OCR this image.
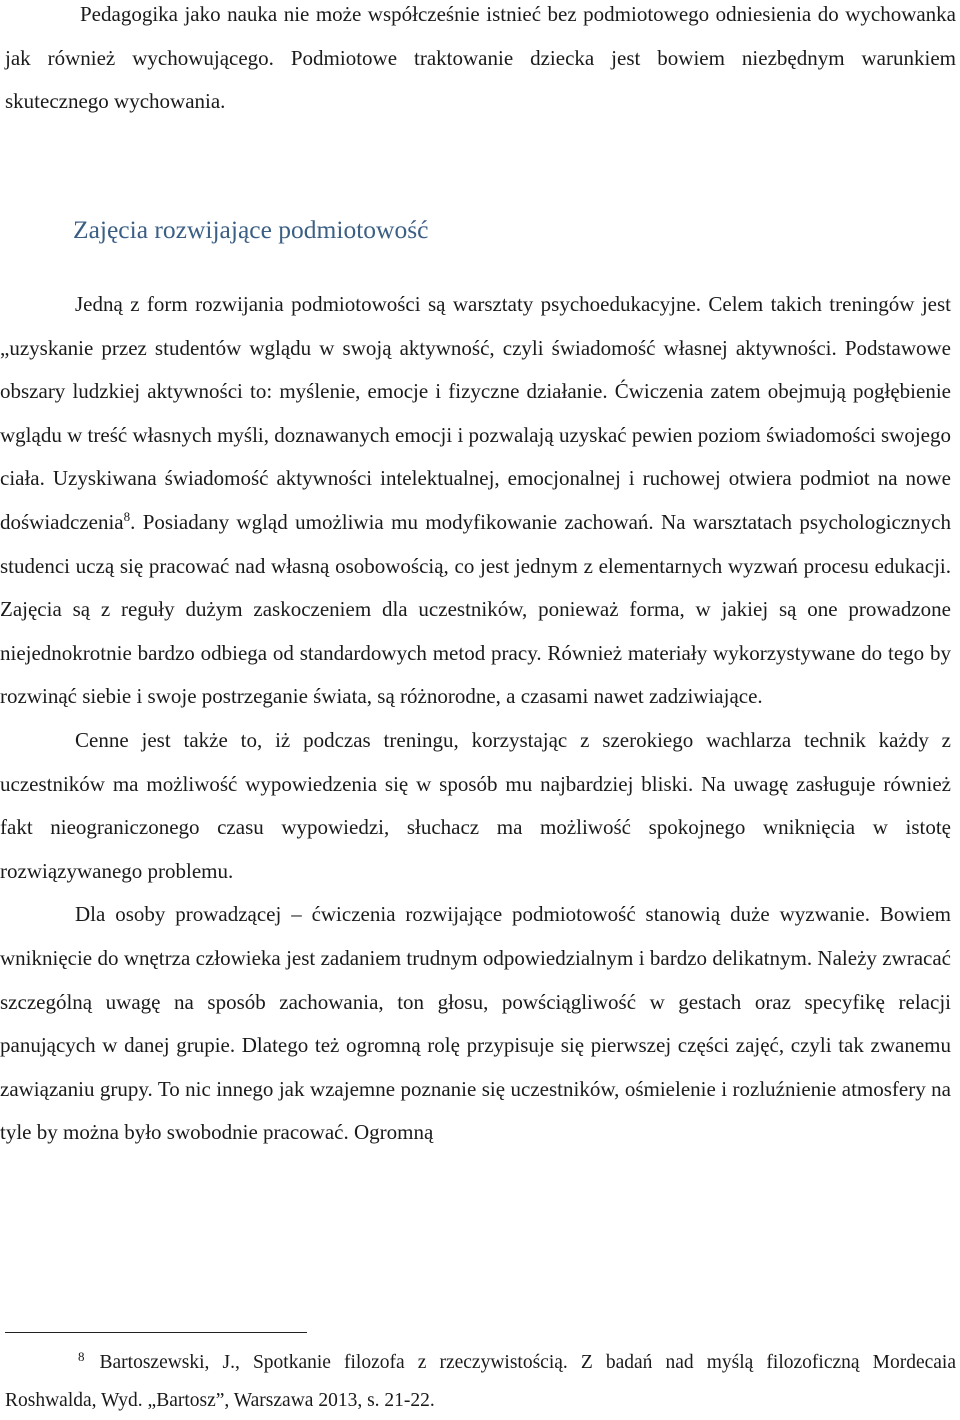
Pedagogika jako nauka nie może współcześnie istnieć bez podmiotowego odniesienia do wychowanka jak również wychowującego. Podmiotowe traktowanie dziecka jest bowiem niezbędnym warunkiem skutecznego wychowania.

Zajęcia rozwijające podmiotowość

Jedną z form rozwijania podmiotowości są warsztaty psychoedukacyjne. Celem takich treningów jest „uzyskanie przez studentów wglądu w swoją aktywność, czyli świadomość własnej aktywności. Podstawowe obszary ludzkiej aktywności to: myślenie, emocje i fizyczne działanie. Ćwiczenia zatem obejmują pogłębienie wglądu w treść własnych myśli, doznawanych emocji i pozwalają uzyskać pewien poziom świadomości swojego ciała. Uzyskiwana świadomość aktywności intelektualnej, emocjonalnej i ruchowej otwiera podmiot na nowe doświadczenia$^8$. Posiadany wgląd umożliwia mu modyfikowanie zachowań. Na warsztatach psychologicznych studenci uczą się pracować nad własną osobowością, co jest jednym z elementarnych wyzwań procesu edukacji. Zajęcia są z reguły dużym zaskoczeniem dla uczestników, ponieważ forma, w jakiej są one prowadzone niejednokrotnie bardzo odbiega od standardowych metod pracy. Również materiały wykorzystywane do tego by rozwinąć siebie i swoje postrzeganie świata, są różnorodne, a czasami nawet zadziwiające.

Cenne jest także to, iż podczas treningu, korzystając z szerokiego wachlarza technik każdy z uczestników ma możliwość wypowiedzenia się w sposób mu najbardziej bliski. Na uwagę zasługuje również fakt nieograniczonego czasu wypowiedzi, słuchacz ma możliwość spokojnego wniknięcia w istotę rozwiązywanego problemu.

Dla osoby prowadzącej – ćwiczenia rozwijające podmiotowość stanowią duże wyzwanie. Bowiem wniknięcie do wnętrza człowieka jest zadaniem trudnym odpowiedzialnym i bardzo delikatnym. Należy zwracać szczególną uwagę na sposób zachowania, ton głosu, powściągliwość w gestach oraz specyfikę relacji panujących w danej grupie. Dlatego też ogromną rolę przypisuje się pierwszej części zajęć, czyli tak zwanemu zawiązaniu grupy. To nic innego jak wzajemne poznanie się uczestników, ośmielenie i rozluźnienie atmosfery na tyle by można było swobodnie pracować. Ogromną

$^8$ Bartoszewski, J., Spotkanie filozofa z rzeczywistością. Z badań nad myślą filozoficzną Mordecaia Roshwalda, Wyd. „Bartosz”, Warszawa 2013, s. 21-22.
